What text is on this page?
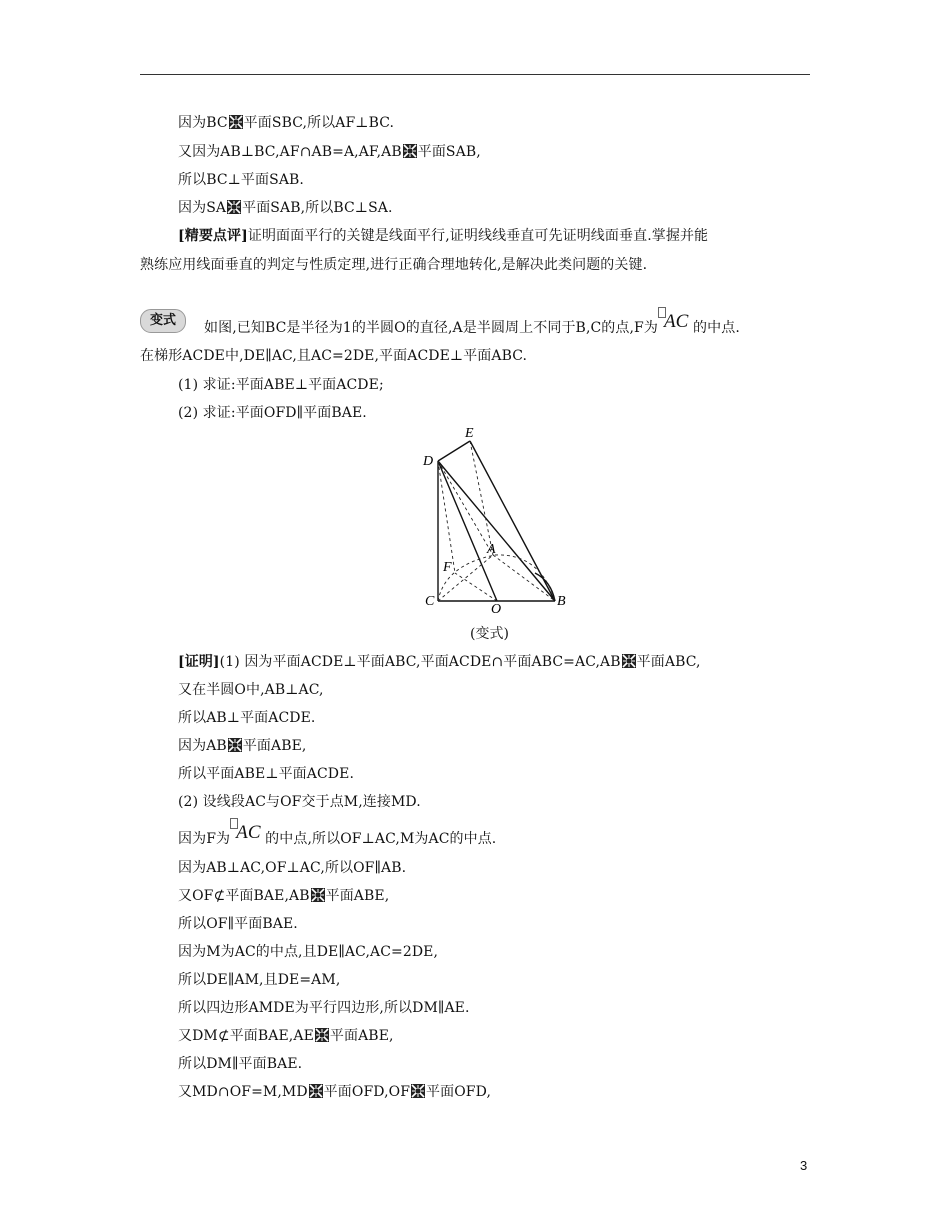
因为BC 平面SBC,所以AF⊥BC.
又因为AB⊥BC,AF∩AB=A,AF,AB 平面SAB,
所以BC⊥平面SAB.
因为SA 平面SAB,所以BC⊥SA.
[精要点评]证明面面平行的关键是线面平行,证明线线垂直可先证明线面垂直.掌握并能
熟练应用线面垂直的判定与性质定理,进行正确合理地转化,是解决此类问题的关键.
变式	如图,已知BC是半径为1的半圆O的直径,A是半圆周上不同于B,C的点,F为 AC 的中点.
在梯形ACDE中,DE∥AC,且AC=2DE,平面ACDE⊥平面ABC.
(1) 求证:平面ABE⊥平面ACDE;
(2) 求证:平面OFD∥平面BAE.
D
E
A
F
C
O
B
(变式)
[证明](1) 因为平面ACDE⊥平面ABC,平面ACDE∩平面ABC=AC,AB 平面ABC,
又在半圆O中,AB⊥AC,
所以AB⊥平面ACDE.
因为AB 平面ABE,
所以平面ABE⊥平面ACDE.
(2) 设线段AC与OF交于点M,连接MD.
因为F为 AC 的中点,所以OF⊥AC,M为AC的中点.
因为AB⊥AC,OF⊥AC,所以OF∥AB.
又OF⊄平面BAE,AB 平面ABE,
所以OF∥平面BAE.
因为M为AC的中点,且DE∥AC,AC=2DE,
所以DE∥AM,且DE=AM,
所以四边形AMDE为平行四边形,所以DM∥AE.
又DM⊄平面BAE,AE 平面ABE,
所以DM∥平面BAE.
又MD∩OF=M,MD 平面OFD,OF 平面OFD,
3
